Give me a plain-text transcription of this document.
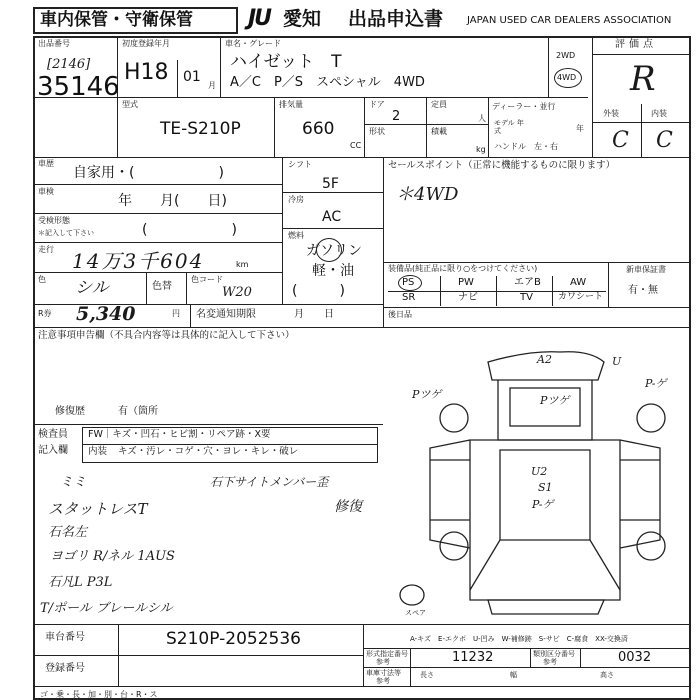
車内保管・守衛保管	JU 愛知 出品申込書 JAPAN USED CAR DEALERS ASSOCIATION
出品番号
[2146]
35146
初度登録年月
H18 01
月
車名・グレード
ハイゼット　T
A／C　P／S　スペシャル　4WD
2WD
4WD
評価点
R
外装	内装
C C
型式
TE-S210P
排気量
660
CC
ドア
2
定員
人
形状	積載
kg
ディーラー・並行
モデル 年式	年
ハンドル　左・右
車歴
自家用・(　　　　　　)
車検
年　　月(　　日)
受検形態
＊記入して下さい	(　　　　　　)
走行 14万3千604	km
色 シル	色替
色コード
W20
シフト
5F
冷房
AC
燃料
ガソリン
軽・油
(　　　)
セールスポイント（正常に機能するものに限ります）
＊4WD
装備品(純正品に限り○をつけてください)
PS	PW	エアB	AW
SR	ナビ	TV	カワシート
新車保証書
有・無
後日品
R券 5,340	円 名変通知期限	月　　日
注意事項申告欄（不具合内容等は具体的に記入して下さい）
修復歴	有（箇所
検査員
記入欄
FW｜キズ・凹石・ヒビ割・リペア跡・X要
内装 キズ・汚レ・コゲ・穴・ヨレ・キレ・破レ
ミミ
スタットレスT
石名左
ヨゴリ R/ネル 1AUS
石凡L P3L
T/ポール ブレールシル
石下サイトメンバー歪
修復
A2	U
Pツゲ
P-ゲ
Pツゲ
U2
S1
P-ゲ
スペア
A-キズ　E-エクボ　U-凹み　W-補修跡　S-サビ　C-腐食　XX-交換済
車台番号	S210P-2052536
登録番号
形式指定番号
参考	11232	類別区分番号
参考	0032
車庫寸法等
参考
長さ	幅	高さ
ゴ・乗・長・加・別・台・R・ス
